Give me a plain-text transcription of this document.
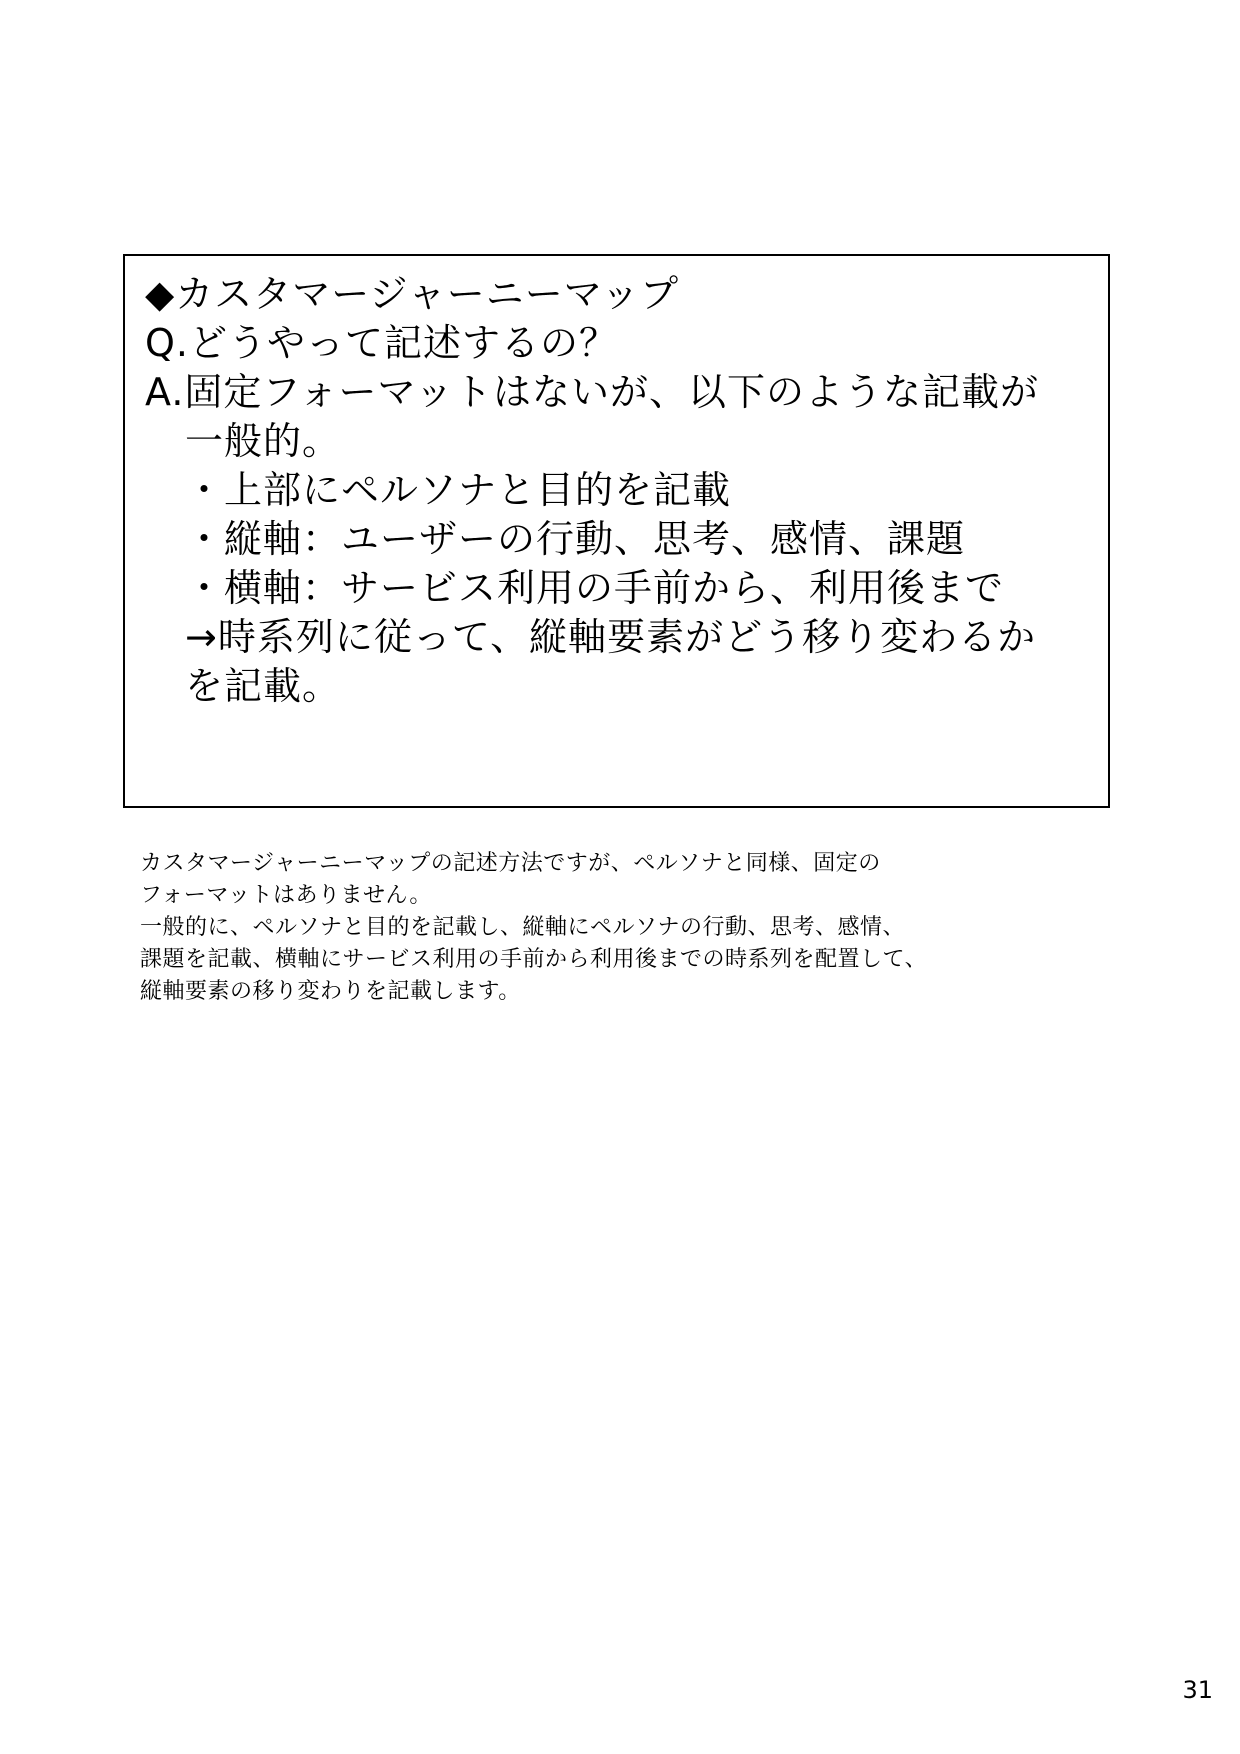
◆カスタマージャーニーマップ
Q.どうやって記述するの？
A.固定フォーマットはないが、以下のような記載が
一般的。
・上部にペルソナと目的を記載
・縦軸：ユーザーの行動、思考、感情、課題
・横軸：サービス利用の手前から、利用後まで
→時系列に従って、縦軸要素がどう移り変わるか
を記載。
カスタマージャーニーマップの記述方法ですが、ペルソナと同様、固定の
フォーマットはありません。
一般的に、ペルソナと目的を記載し、縦軸にペルソナの行動、思考、感情、
課題を記載、横軸にサービス利用の手前から利用後までの時系列を配置して、
縦軸要素の移り変わりを記載します。
31
